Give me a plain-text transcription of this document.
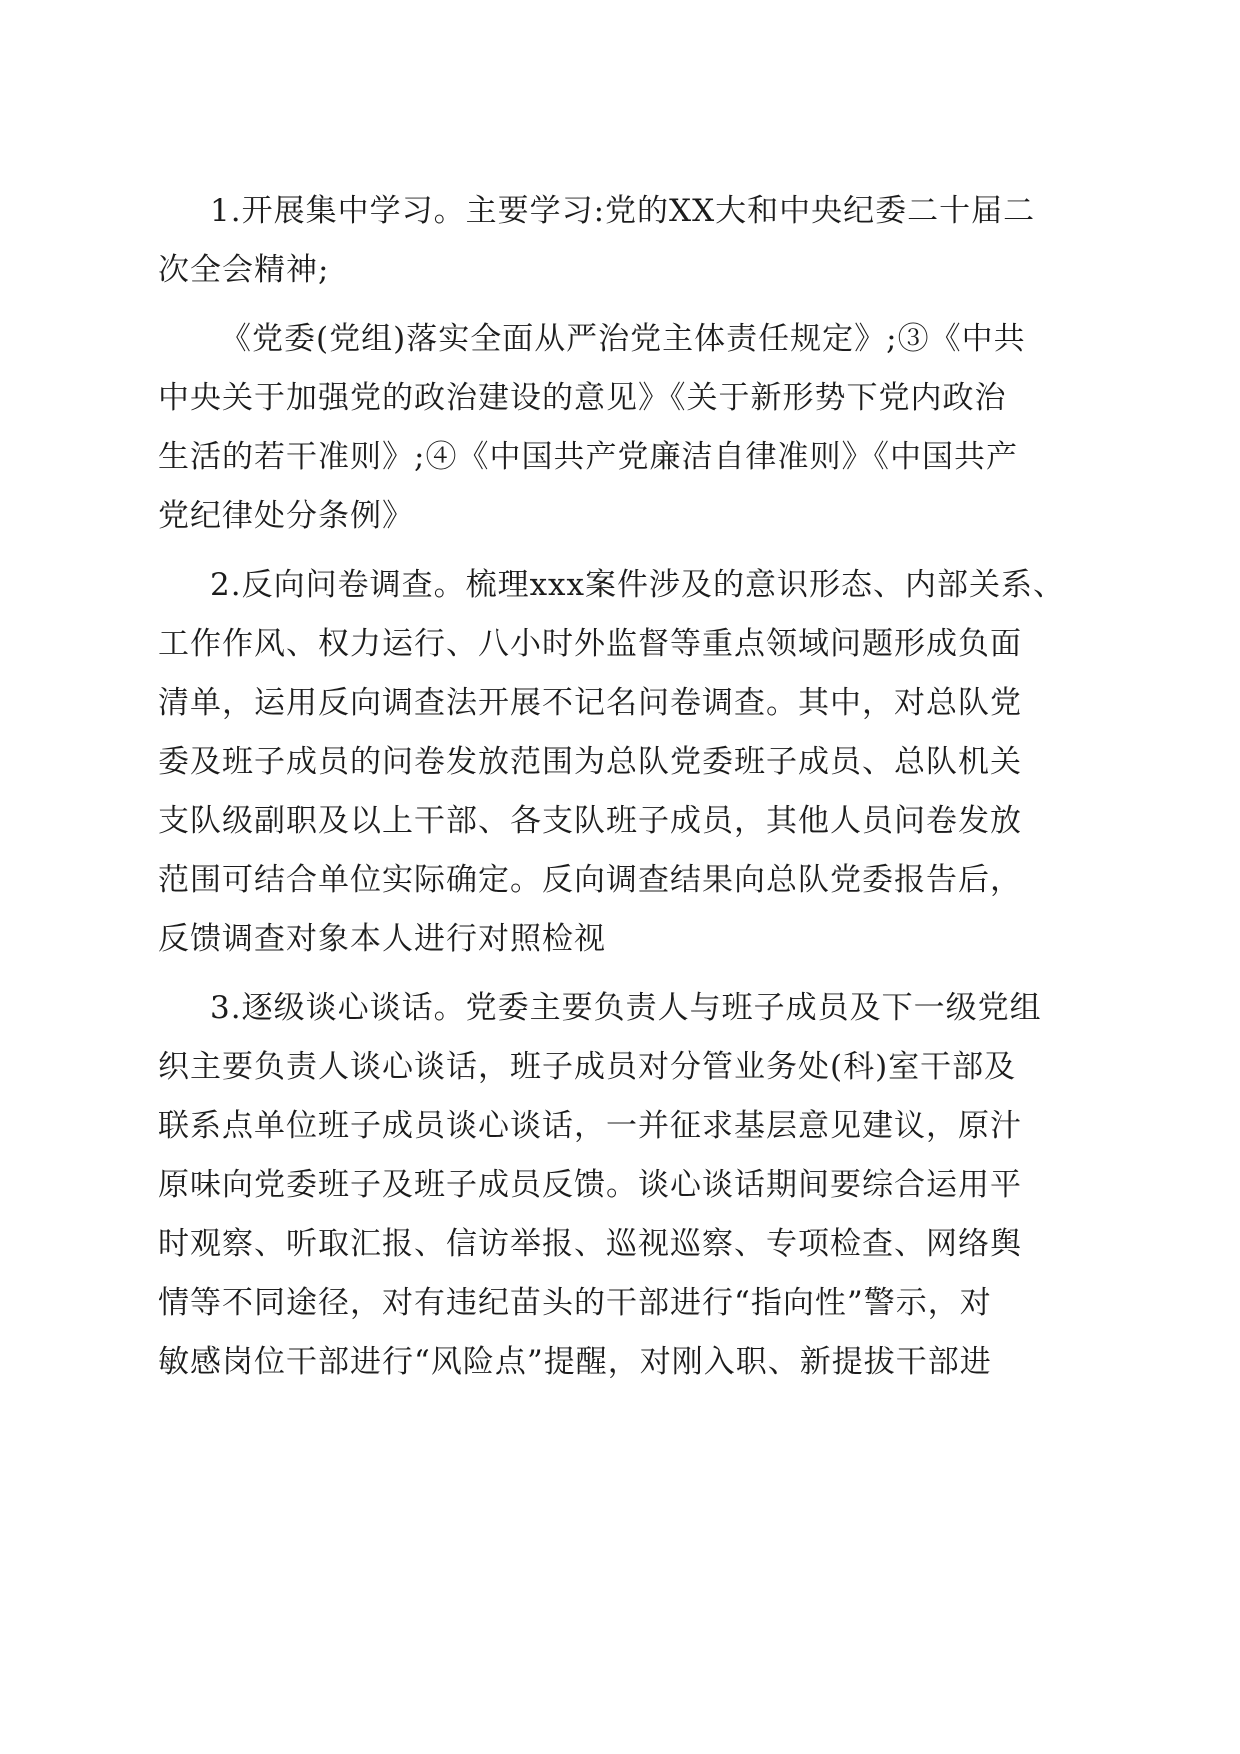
1.开展集中学习。主要学习:党的XX大和中央纪委二十届二
次全会精神;
《党委(党组)落实全面从严治党主体责任规定》;③《中共
中央关于加强党的政治建设的意见》《关于新形势下党内政治
生活的若干准则》;④《中国共产党廉洁自律准则》《中国共产
党纪律处分条例》
2.反向问卷调查。梳理xxx案件涉及的意识形态、内部关系、
工作作风、权力运行、八小时外监督等重点领域问题形成负面
清单，运用反向调查法开展不记名问卷调查。其中，对总队党
委及班子成员的问卷发放范围为总队党委班子成员、总队机关
支队级副职及以上干部、各支队班子成员，其他人员问卷发放
范围可结合单位实际确定。反向调查结果向总队党委报告后，
反馈调查对象本人进行对照检视
3.逐级谈心谈话。党委主要负责人与班子成员及下一级党组
织主要负责人谈心谈话，班子成员对分管业务处(科)室干部及
联系点单位班子成员谈心谈话，一并征求基层意见建议，原汁
原味向党委班子及班子成员反馈。谈心谈话期间要综合运用平
时观察、听取汇报、信访举报、巡视巡察、专项检查、网络舆
情等不同途径，对有违纪苗头的干部进行“指向性”警示，对
敏感岗位干部进行“风险点”提醒，对刚入职、新提拔干部进
